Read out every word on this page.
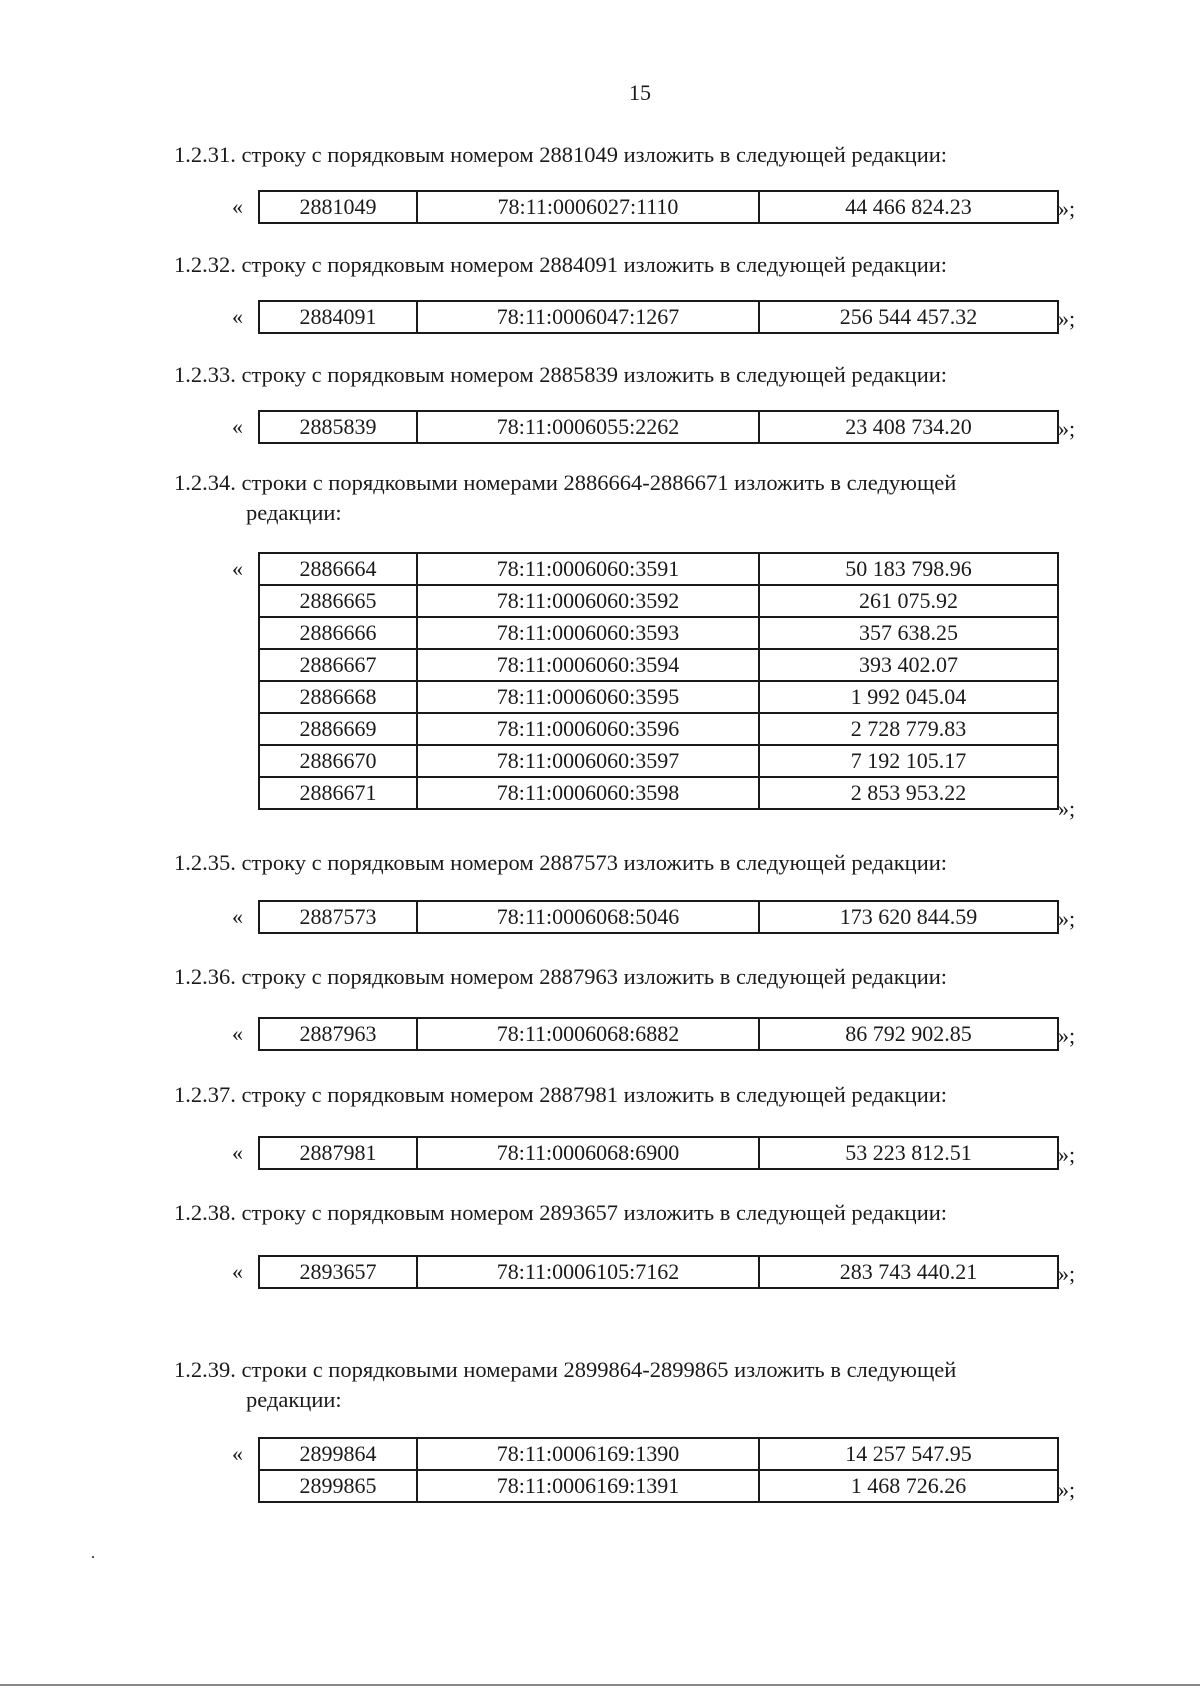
15
1.2.31. строку с порядковым номером 2881049 изложить в следующей редакции:
«	2881049	78:11:0006027:1110	44 466 824.23	»;
1.2.32. строку с порядковым номером 2884091 изложить в следующей редакции:
«	2884091	78:11:0006047:1267	256 544 457.32	»;
1.2.33. строку с порядковым номером 2885839 изложить в следующей редакции:
«	2885839	78:11:0006055:2262	23 408 734.20	»;
1.2.34. строки с порядковыми номерами 2886664-2886671 изложить в следующей
редакции:
«	2886664	78:11:0006060:3591	50 183 798.96
2886665	78:11:0006060:3592	261 075.92
2886666	78:11:0006060:3593	357 638.25
2886667	78:11:0006060:3594	393 402.07
2886668	78:11:0006060:3595	1 992 045.04
2886669	78:11:0006060:3596	2 728 779.83
2886670	78:11:0006060:3597	7 192 105.17
2886671	78:11:0006060:3598	2 853 953.22
»;
1.2.35. строку с порядковым номером 2887573 изложить в следующей редакции:
«	2887573	78:11:0006068:5046	173 620 844.59	»;
1.2.36. строку с порядковым номером 2887963 изложить в следующей редакции:
«	2887963	78:11:0006068:6882	86 792 902.85	»;
1.2.37. строку с порядковым номером 2887981 изложить в следующей редакции:
«	2887981	78:11:0006068:6900	53 223 812.51	»;
1.2.38. строку с порядковым номером 2893657 изложить в следующей редакции:
«	2893657	78:11:0006105:7162	283 743 440.21	»;
1.2.39. строки с порядковыми номерами 2899864-2899865 изложить в следующей
редакции:
«	2899864	78:11:0006169:1390	14 257 547.95
2899865	78:11:0006169:1391	1 468 726.26	»;
